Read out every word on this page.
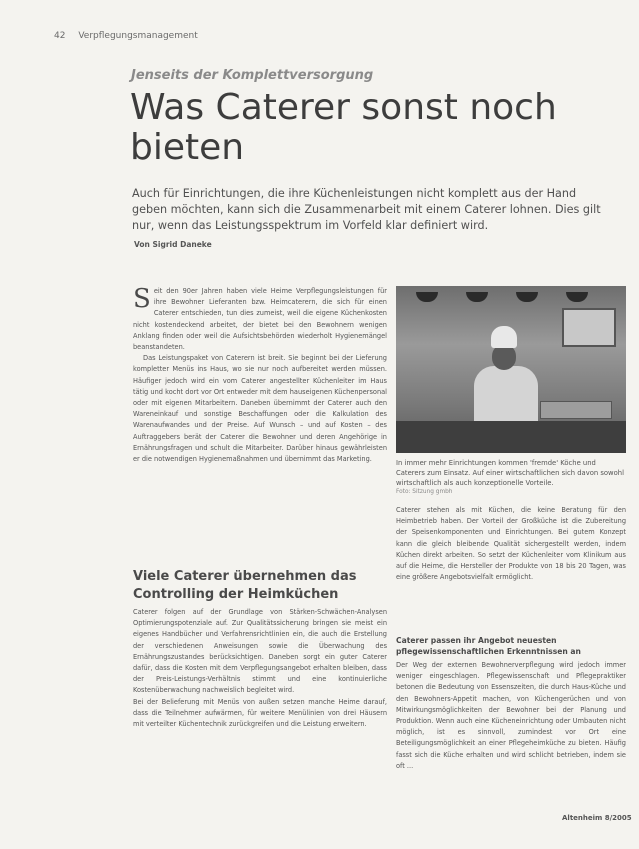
42 Verpflegungsmanagement
Jenseits der Komplettversorgung
Was Caterer sonst noch bieten

Auch für Einrichtungen, die ihre Küchenleistungen nicht komplett aus der Hand geben möchten, kann sich die Zusammenarbeit mit einem Caterer lohnen. Dies gilt nur, wenn das Leistungsspektrum im Vorfeld klar definiert wird.

Von Sigrid Daneke

Seit den 90er Jahren haben viele Heime Verpflegungsleistungen für ihre Bewohner Lieferanten bzw. Heimcaterern, die sich für einen Caterer entschieden, tun dies zumeist, weil die eigene Küchenkosten nicht kostendeckend arbeitet, der bietet bei den Bewohnern wenigen Anklang finden oder weil die Aufsichtsbehörden wiederholt Hygienemängel beanstandeten.

Das Leistungspaket von Caterern ist breit. Sie beginnt bei der Lieferung kompletter Menüs ins Haus, wo sie nur noch aufbereitet werden müssen. Häufiger jedoch wird ein vom Caterer angestellter Küchenleiter im Haus tätig und kocht dort vor Ort entweder mit dem hauseigenen Küchenpersonal oder mit eigenen Mitarbeitern. Daneben übernimmt der Caterer auch den Wareneinkauf und sonstige Beschaffungen oder die Kalkulation des Warenaufwandes und der Preise. Auf Wunsch – und auf Kosten – des Auftraggebers berät der Caterer die Bewohner und deren Angehörige in Ernährungsfragen und schult die Mitarbeiter. Darüber hinaus gewährleisten er die notwendigen Hygienemaßnahmen und übernimmt das Marketing.

Viele Caterer übernehmen das Controlling der Heimküchen

Caterer folgen auf der Grundlage von Stärken-Schwächen-Analysen Optimierungspotenziale auf. Zur Qualitätssicherung bringen sie meist ein eigenes Handbücher und Verfahrensrichtlinien ein, die auch die Erstellung der verschiedenen Anweisungen sowie die Überwachung des Ernährungszustandes berücksichtigen. Daneben sorgt ein guter Caterer dafür, dass die Kosten mit dem Verpflegungsangebot erhalten bleiben, dass der Preis-Leistungs-Verhältnis stimmt und eine kontinuierliche Kostenüberwachung nachweislich begleitet wird.

Bei der Belieferung mit Menüs von außen setzen manche Heime darauf, dass die Teilnehmer aufwärmen, für weitere Menülinien von drei Häusern mit verteilter Küchentechnik zurückgreifen und die Leistung erweitern.

In immer mehr Einrichtungen kommen 'fremde' Köche und Caterers zum Einsatz. Auf einer wirtschaftlichen sich davon sowohl wirtschaftlich als auch konzeptionelle Vorteile.

Foto: Sitzung gmbh

Caterer stehen als mit Küchen, die keine Beratung für den Heimbetrieb haben. Der Vorteil der Großküche ist die Zubereitung der Speisenkomponenten und Einrichtungen. Bei gutem Konzept kann die gleich bleibende Qualität sichergestellt werden, indem Küchen direkt arbeiten. So setzt der Küchenleiter vom Klinikum aus auf die Heime, die Hersteller der Produkte von 18 bis 20 Tagen, was eine größere Angebotsvielfalt ermöglicht.

Caterer passen ihr Angebot neuesten pflegewissenschaftlichen Erkenntnissen an

Der Weg der externen Bewohnerverpflegung wird jedoch immer weniger eingeschlagen. Pflegewissenschaft und Pflegepraktiker betonen die Bedeutung von Essenszeiten, die durch Haus-Küche und den Bewohners-Appetit machen, von Küchengerüchen und von Mitwirkungsmöglichkeiten der Bewohner bei der Planung und Produktion. Wenn auch eine Kücheneinrichtung oder Umbauten nicht möglich, ist es sinnvoll, zumindest vor Ort eine Beteiligungsmöglichkeit an einer Pflegeheimküche zu bieten. Häufig fasst sich die Küche erhalten und wird schlicht betrieben, indem sie oft ...

Altenheim 8/2005
